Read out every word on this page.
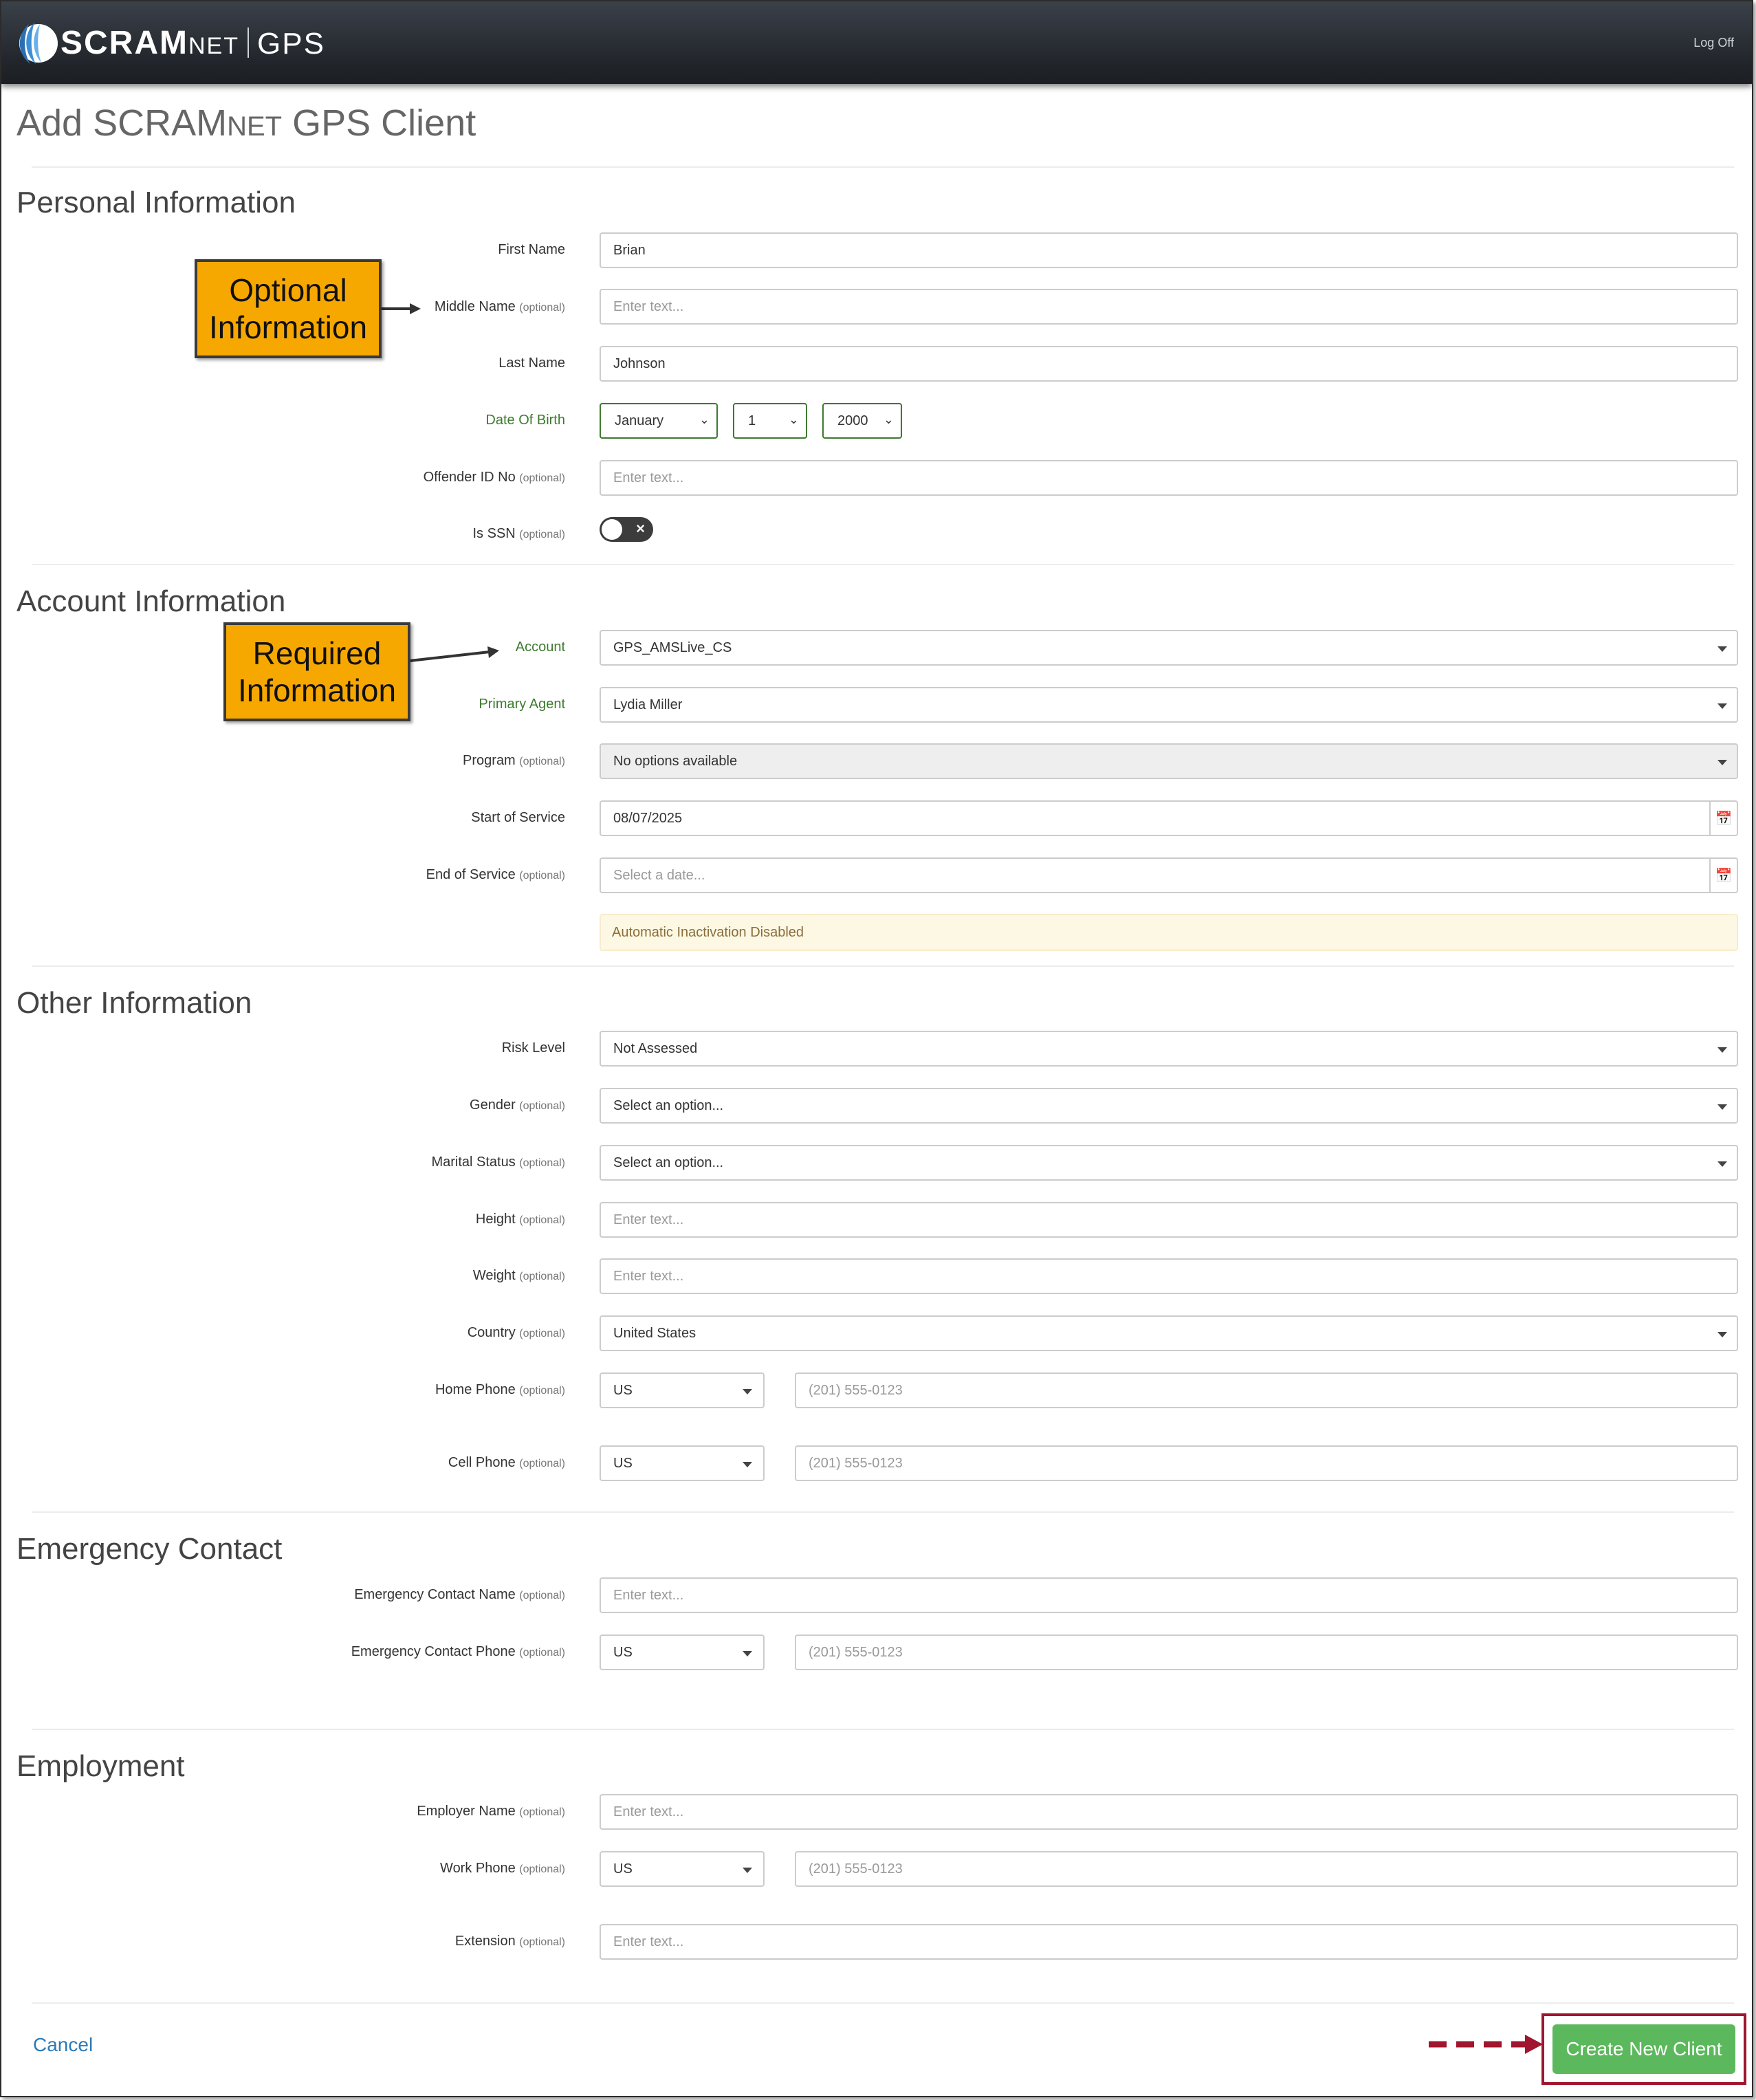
SCRAM NET GPS	Log Off
Add SCRAMNET GPS Client
Personal Information
First Name	Brian
Middle Name (optional)	Enter text...
Last Name	Johnson
Date Of Birth	January	⌄	1	⌄	2000 ⌄
Offender ID No (optional)	Enter text...
Is SSN (optional)	×
Account Information
Account	GPS_AMSLive_CS
Primary Agent	Lydia Miller
Program (optional)	No options available
Start of Service	08/07/2025	📅
End of Service (optional)	Select a date...	📅
Automatic Inactivation Disabled
Other Information
Risk Level	Not Assessed
Gender (optional)	Select an option...
Marital Status (optional)	Select an option...
Height (optional)	Enter text...
Weight (optional)	Enter text...
Country (optional)	United States
Home Phone (optional)	US	(201) 555-0123
Cell Phone (optional)	US	(201) 555-0123
Emergency Contact
Emergency Contact Name (optional)	Enter text...
Emergency Contact Phone (optional)	US	(201) 555-0123
Employment
Employer Name (optional)	Enter text...
Work Phone (optional)	US	(201) 555-0123
Extension (optional)	Enter text...
Cancel	Create New Client
Optional
Information
Required
Information
